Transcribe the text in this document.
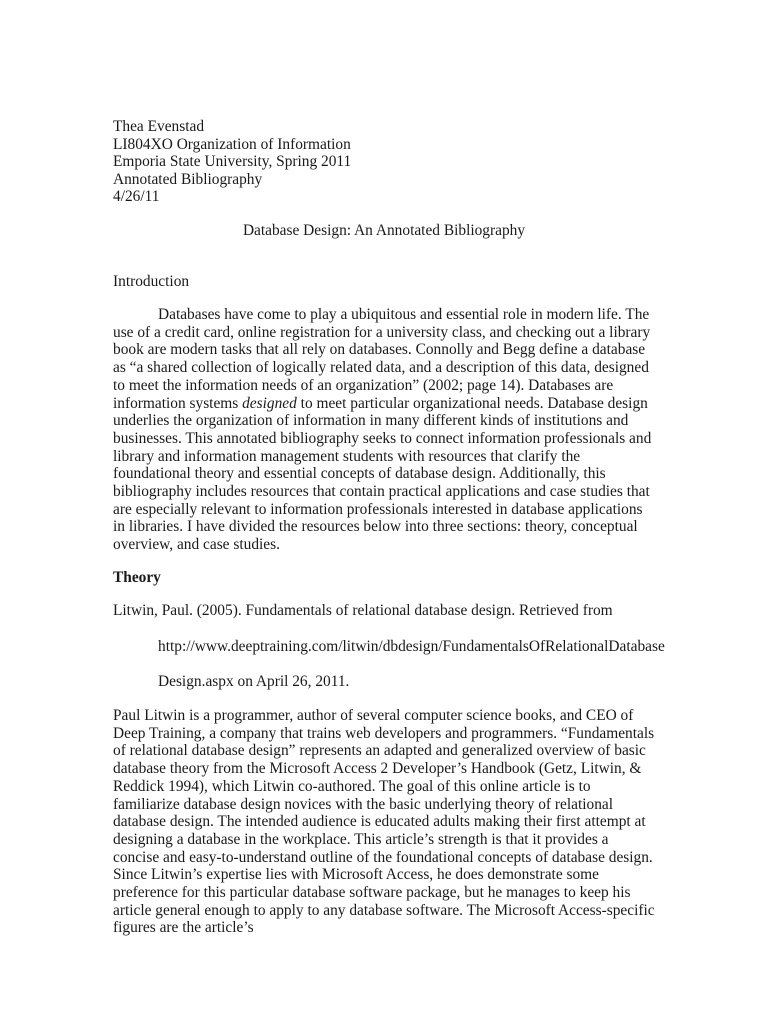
Thea Evenstad
LI804XO Organization of Information
Emporia State University, Spring 2011
Annotated Bibliography
4/26/11
Database Design: An Annotated Bibliography
Introduction

Databases have come to play a ubiquitous and essential role in modern life. The use of a credit card, online registration for a university class, and checking out a library book are modern tasks that all rely on databases. Connolly and Begg define a database as “a shared collection of logically related data, and a description of this data, designed to meet the information needs of an organization” (2002; page 14). Databases are information systems designed to meet particular organizational needs. Database design underlies the organization of information in many different kinds of institutions and businesses. This annotated bibliography seeks to connect information professionals and library and information management students with resources that clarify the foundational theory and essential concepts of database design. Additionally, this bibliography includes resources that contain practical applications and case studies that are especially relevant to information professionals interested in database applications in libraries. I have divided the resources below into three sections: theory, conceptual overview, and case studies.

Theory
Litwin, Paul. (2005). Fundamentals of relational database design. Retrieved from
http://www.deeptraining.com/litwin/dbdesign/FundamentalsOfRelationalDatabase
Design.aspx on April 26, 2011.

Paul Litwin is a programmer, author of several computer science books, and CEO of Deep Training, a company that trains web developers and programmers. “Fundamentals of relational database design” represents an adapted and generalized overview of basic database theory from the Microsoft Access 2 Developer’s Handbook (Getz, Litwin, & Reddick 1994), which Litwin co-authored. The goal of this online article is to familiarize database design novices with the basic underlying theory of relational database design. The intended audience is educated adults making their first attempt at designing a database in the workplace. This article’s strength is that it provides a concise and easy-to-understand outline of the foundational concepts of database design. Since Litwin’s expertise lies with Microsoft Access, he does demonstrate some preference for this particular database software package, but he manages to keep his article general enough to apply to any database software. The Microsoft Access-specific figures are the article’s
